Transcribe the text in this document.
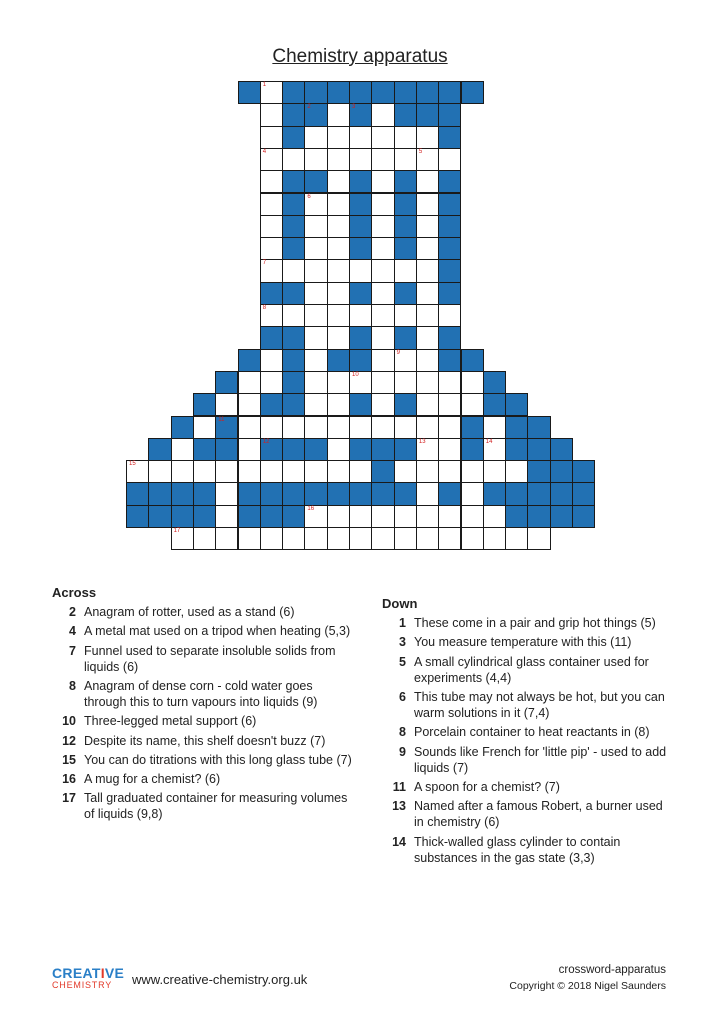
Chemistry apparatus
1
2	3
4	5
6
7
8
9
10
11
12	13	14
15
16
17
Across
2 Anagram of rotter, used as a stand (6)
4 A metal mat used on a tripod when heating (5,3)
7 Funnel used to separate insoluble solids from liquids (6)
8 Anagram of dense corn - cold water goes through this to turn vapours into liquids (9)
10 Three-legged metal support (6)
12 Despite its name, this shelf doesn't buzz (7)
15 You can do titrations with this long glass tube (7)
16 A mug for a chemist? (6)
17 Tall graduated container for measuring volumes of liquids (9,8)
Down
1 These come in a pair and grip hot things (5)
3 You measure temperature with this (11)
5 A small cylindrical glass container used for experiments (4,4)
6 This tube may not always be hot, but you can warm solutions in it (7,4)
8 Porcelain container to heat reactants in (8)
9 Sounds like French for 'little pip' - used to add liquids (7)
11 A spoon for a chemist? (7)
13 Named after a famous Robert, a burner used in chemistry (6)
14 Thick-walled glass cylinder to contain substances in the gas state (3,3)
CREATIVE
CHEMISTRY	www.creative-chemistry.org.uk
crossword-apparatus
Copyright © 2018 Nigel Saunders
